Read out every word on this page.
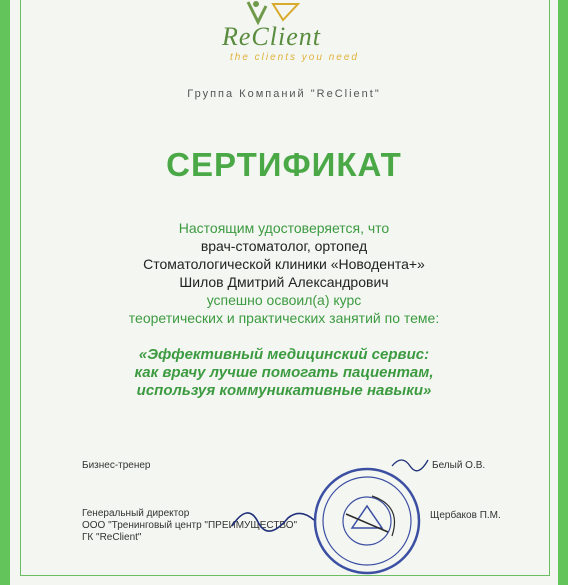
ReClient
the clients you need
Группа Компаний "ReClient"
СЕРТИФИКАТ
Настоящим удостоверяется, что
врач-стоматолог, ортопед
Стоматологической клиники «Новодента+»
Шилов Дмитрий Александрович
успешно освоил(а) курс
теоретических и практических занятий по теме:
«Эффективный медицинский сервис:
как врачу лучше помогать пациентам,
используя коммуникативные навыки»
Бизнес-тренер	Белый О.В.
Генеральный директор
ООО "Тренинговый центр "ПРЕИМУЩЕСТВО"
ГК "ReClient"
Щербаков П.М.
